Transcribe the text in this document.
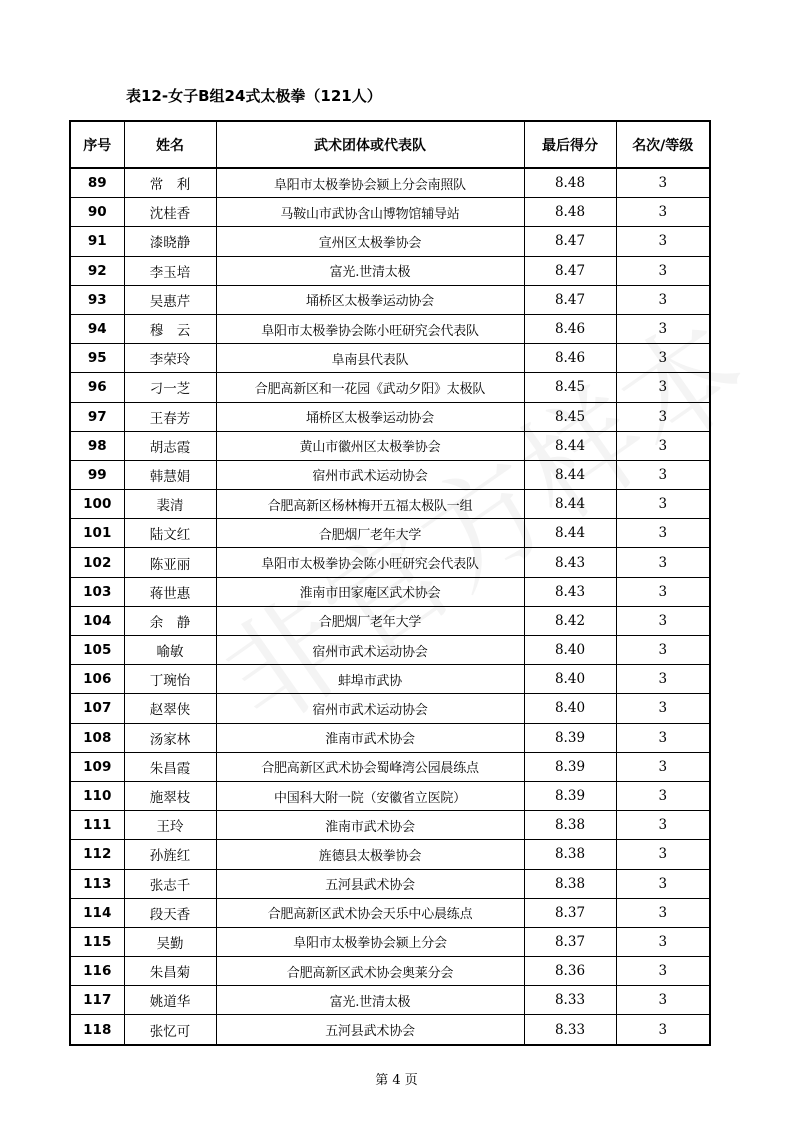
表12-女子B组24式太极拳（121人）
序号	姓名	武术团体或代表队	最后得分	名次/等级
89	常　利	阜阳市太极拳协会颍上分会南照队	8.48	3
90	沈桂香	马鞍山市武协含山博物馆辅导站	8.48	3
91	漆晓静	宣州区太极拳协会	8.47	3
92	李玉培	富光.世清太极	8.47	3
93	吴惠芹	埇桥区太极拳运动协会	8.47	3
94	穆　云	阜阳市太极拳协会陈小旺研究会代表队	8.46	3
95	李荣玲	阜南县代表队	8.46	3
96	刁一芝	合肥高新区和一花园《武动夕阳》太极队	8.45	3
97	王春芳	埇桥区太极拳运动协会	8.45	3
98	胡志霞	黄山市徽州区太极拳协会	8.44	3
99	韩慧娟	宿州市武术运动协会	8.44	3
100	裴清	合肥高新区杨林梅开五福太极队一组	8.44	3
101	陆文红	合肥烟厂老年大学	8.44	3
102	陈亚丽	阜阳市太极拳协会陈小旺研究会代表队	8.43	3
103	蒋世惠	淮南市田家庵区武术协会	8.43	3
104	余　静	合肥烟厂老年大学	8.42	3
105	喻敏	宿州市武术运动协会	8.40	3
106	丁琬怡	蚌埠市武协	8.40	3
107	赵翠侠	宿州市武术运动协会	8.40	3
108	汤家林	淮南市武术协会	8.39	3
109	朱昌霞	合肥高新区武术协会蜀峰湾公园晨练点	8.39	3
110	施翠枝	中国科大附一院（安徽省立医院）	8.39	3
111	王玲	淮南市武术协会	8.38	3
112	孙旌红	旌德县太极拳协会	8.38	3
113	张志千	五河县武术协会	8.38	3
114	段天香	合肥高新区武术协会天乐中心晨练点	8.37	3
115	吴勤	阜阳市太极拳协会颍上分会	8.37	3
116	朱昌菊	合肥高新区武术协会奥莱分会	8.36	3
117	姚道华	富光.世清太极	8.33	3
118	张忆可	五河县武术协会	8.33	3
第 4 页
